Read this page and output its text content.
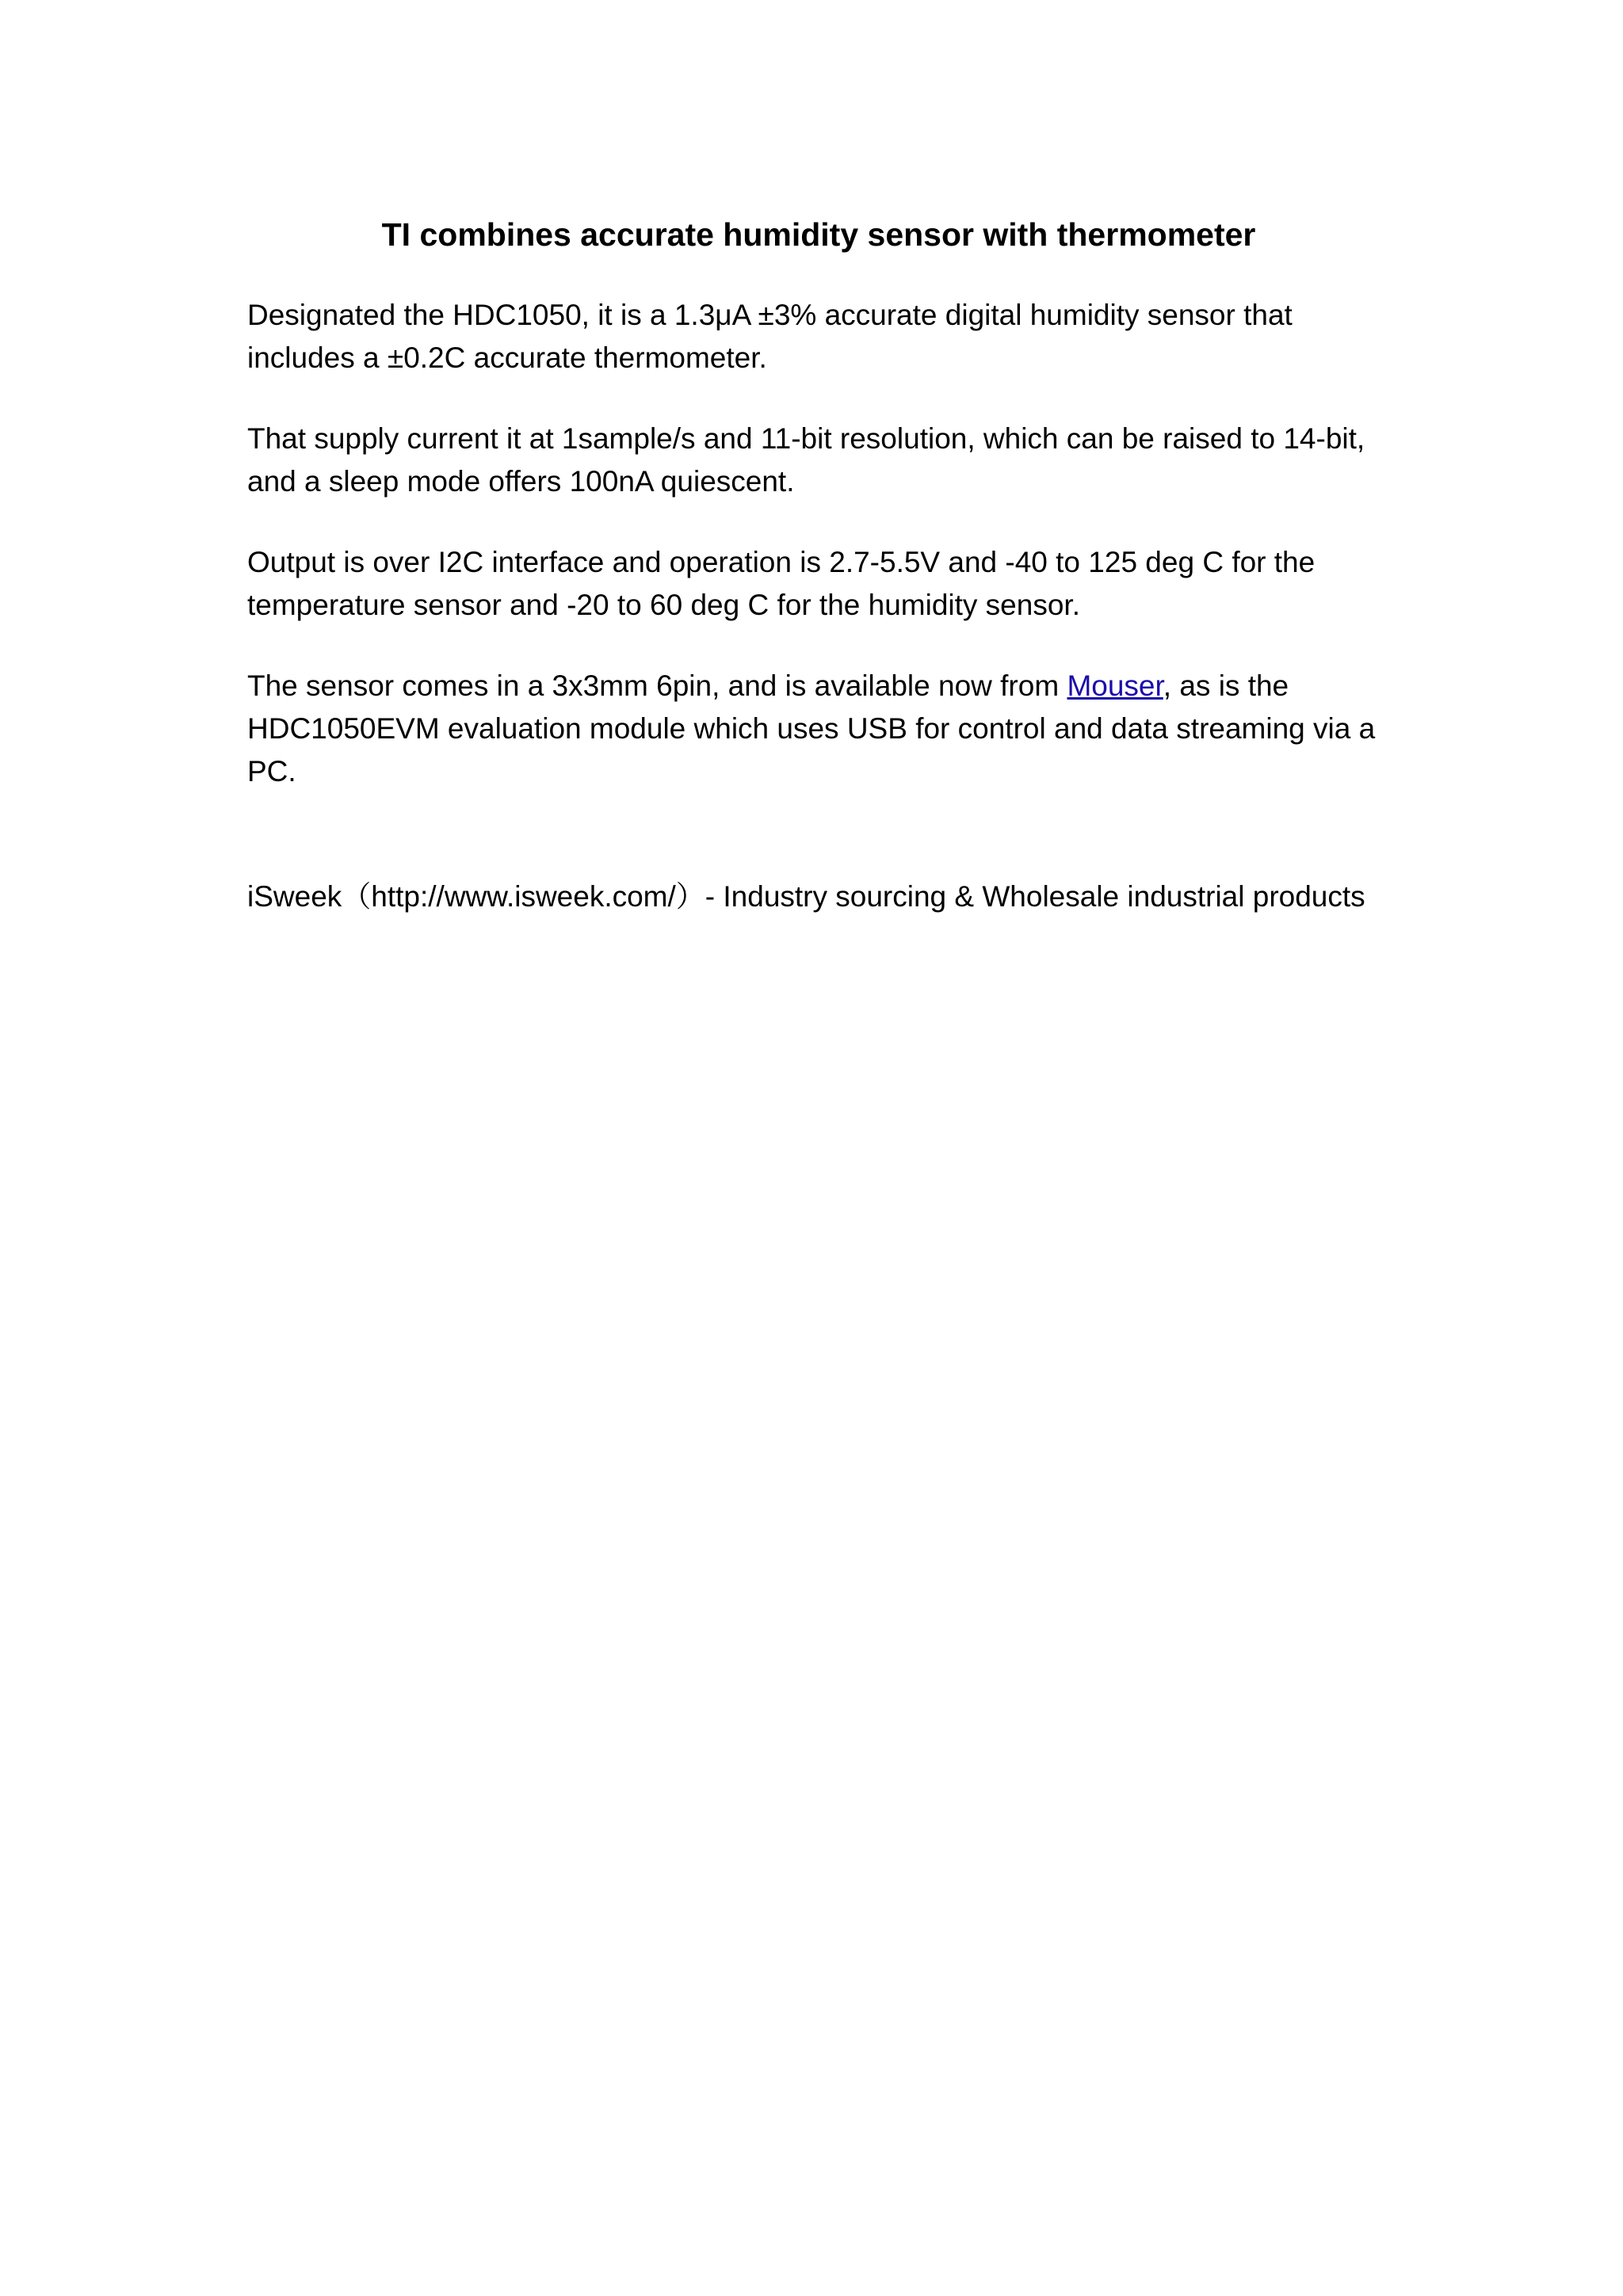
TI combines accurate humidity sensor with thermometer

Designated the HDC1050, it is a 1.3μA ±3% accurate digital humidity sensor that
includes a ±0.2C accurate thermometer.

That supply current it at 1sample/s and 11-bit resolution, which can be raised to 14-bit,
and a sleep mode offers 100nA quiescent.

Output is over I2C interface and operation is 2.7-5.5V and -40 to 125 deg C for the
temperature sensor and -20 to 60 deg C for the humidity sensor.

The sensor comes in a 3x3mm 6pin, and is available now from Mouser, as is the
HDC1050EVM evaluation module which uses USB for control and data streaming via a
PC.

iSweek（http://www.isweek.com/）- Industry sourcing & Wholesale industrial products
